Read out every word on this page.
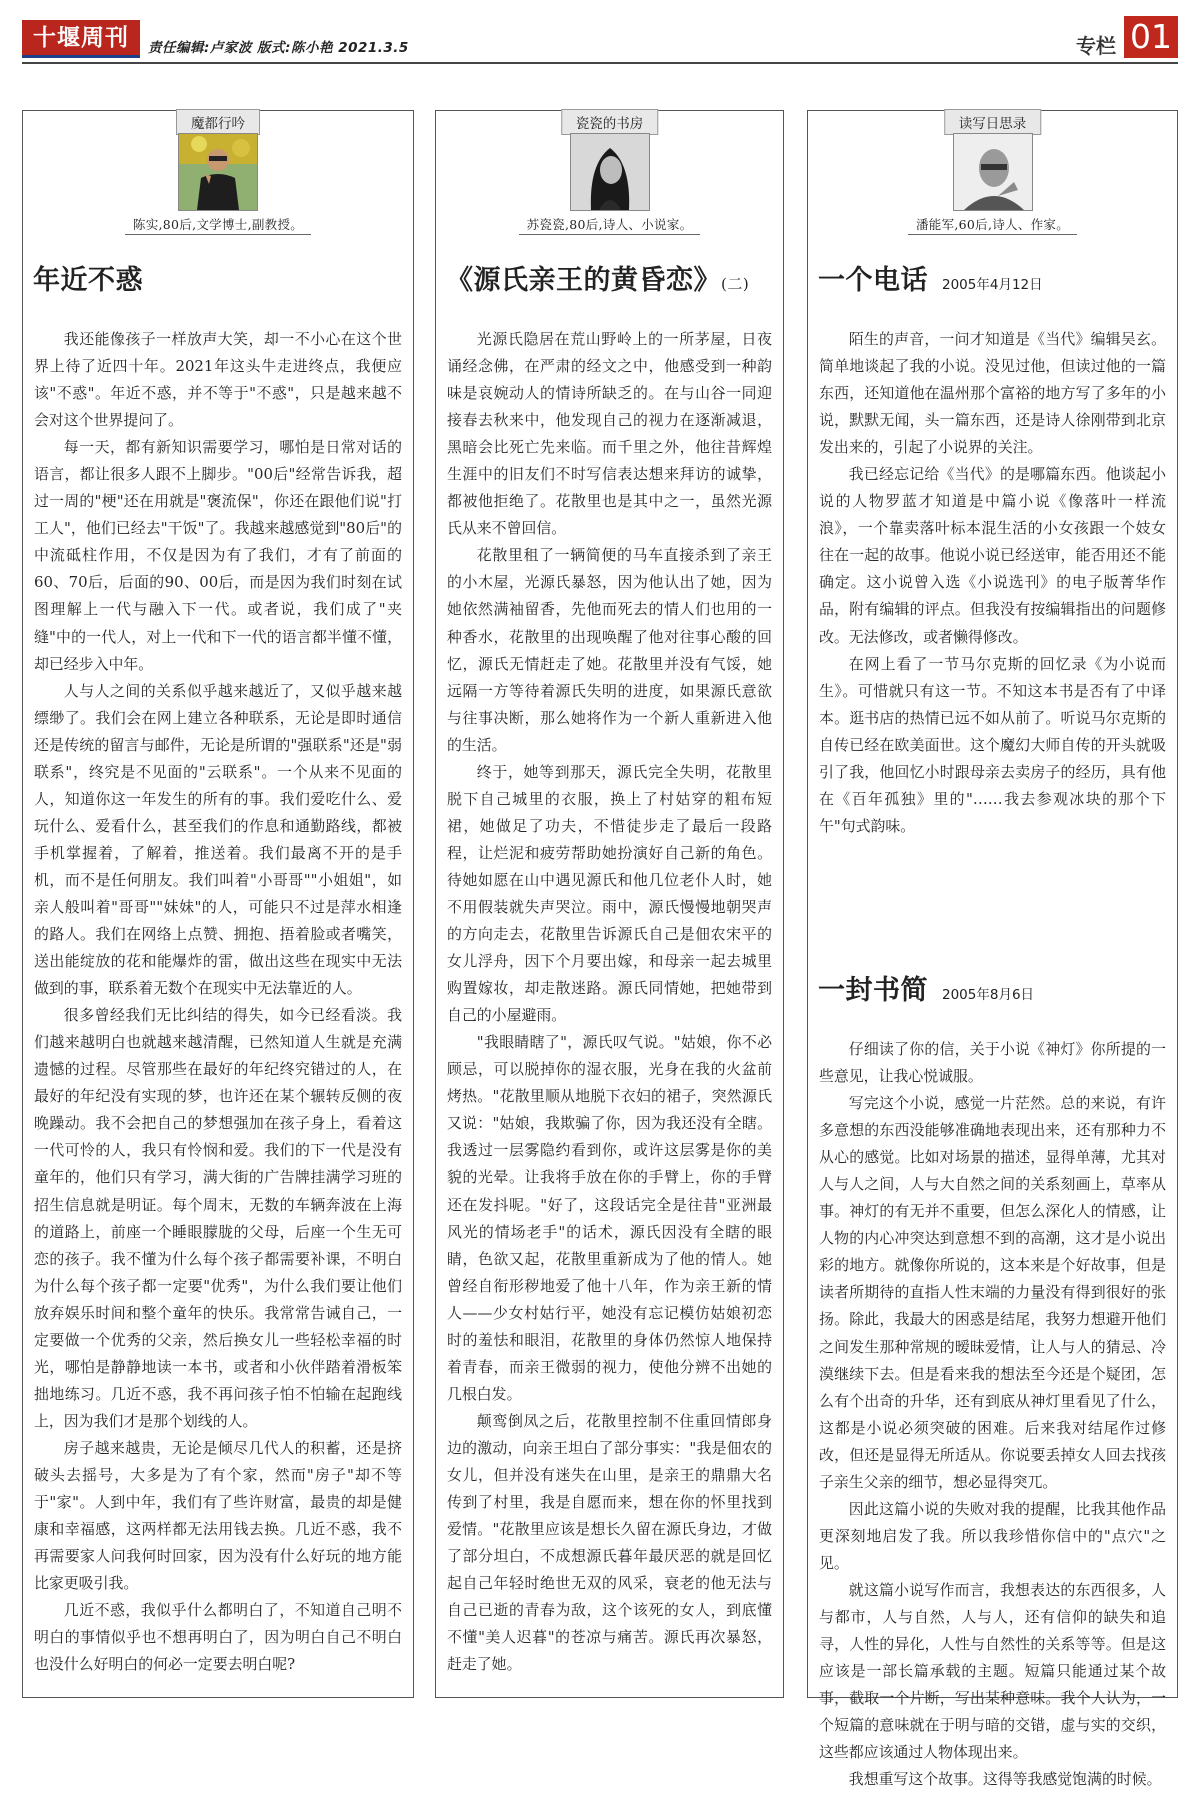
十堰周刊	责任编辑:卢家波 版式:陈小艳 2021.3.5	专栏 01
魔都行吟
陈实,80后,文学博士,副教授。
年近不惑

我还能像孩子一样放声大笑，却一不小心在这个世界上待了近四十年。2021年这头牛走进终点，我便应该"不惑"。年近不惑，并不等于"不惑"，只是越来越不会对这个世界提问了。

每一天，都有新知识需要学习，哪怕是日常对话的语言，都让很多人跟不上脚步。"00后"经常告诉我，超过一周的"梗"还在用就是"褒流保"，你还在跟他们说"打工人"，他们已经去"干饭"了。我越来越感觉到"80后"的中流砥柱作用，不仅是因为有了我们，才有了前面的60、70后，后面的90、00后，而是因为我们时刻在试图理解上一代与融入下一代。或者说，我们成了"夹缝"中的一代人，对上一代和下一代的语言都半懂不懂，却已经步入中年。

人与人之间的关系似乎越来越近了，又似乎越来越缥缈了。我们会在网上建立各种联系，无论是即时通信还是传统的留言与邮件，无论是所谓的"强联系"还是"弱联系"，终究是不见面的"云联系"。一个从来不见面的人，知道你这一年发生的所有的事。我们爱吃什么、爱玩什么、爱看什么，甚至我们的作息和通勤路线，都被手机掌握着，了解着，推送着。我们最离不开的是手机，而不是任何朋友。我们叫着"小哥哥""小姐姐"，如亲人般叫着"哥哥""妹妹"的人，可能只不过是萍水相逢的路人。我们在网络上点赞、拥抱、捂着脸或者嘴笑，送出能绽放的花和能爆炸的雷，做出这些在现实中无法做到的事，联系着无数个在现实中无法靠近的人。

很多曾经我们无比纠结的得失，如今已经看淡。我们越来越明白也就越来越清醒，已然知道人生就是充满遗憾的过程。尽管那些在最好的年纪终究错过的人，在最好的年纪没有实现的梦，也许还在某个辗转反侧的夜晚躁动。我不会把自己的梦想强加在孩子身上，看着这一代可怜的人，我只有怜悯和爱。我们的下一代是没有童年的，他们只有学习，满大街的广告牌挂满学习班的招生信息就是明证。每个周末，无数的车辆奔波在上海的道路上，前座一个睡眼朦胧的父母，后座一个生无可恋的孩子。我不懂为什么每个孩子都需要补课，不明白为什么每个孩子都一定要"优秀"，为什么我们要让他们放弃娱乐时间和整个童年的快乐。我常常告诫自己，一定要做一个优秀的父亲，然后换女儿一些轻松幸福的时光，哪怕是静静地读一本书，或者和小伙伴踏着滑板笨拙地练习。几近不惑，我不再问孩子怕不怕输在起跑线上，因为我们才是那个划线的人。

房子越来越贵，无论是倾尽几代人的积蓄，还是挤破头去摇号，大多是为了有个家，然而"房子"却不等于"家"。人到中年，我们有了些许财富，最贵的却是健康和幸福感，这两样都无法用钱去换。几近不惑，我不再需要家人问我何时回家，因为没有什么好玩的地方能比家更吸引我。

几近不惑，我似乎什么都明白了，不知道自己明不明白的事情似乎也不想再明白了，因为明白自己不明白也没什么好明白的何必一定要去明白呢?

瓷瓷的书房
苏瓷瓷,80后,诗人、小说家。
《源氏亲王的黄昏恋》(二)

光源氏隐居在荒山野岭上的一所茅屋，日夜诵经念佛，在严肃的经文之中，他感受到一种韵味是哀婉动人的情诗所缺乏的。在与山谷一同迎接春去秋来中，他发现自己的视力在逐渐减退，黑暗会比死亡先来临。而千里之外，他往昔辉煌生涯中的旧友们不时写信表达想来拜访的诚挚，都被他拒绝了。花散里也是其中之一，虽然光源氏从来不曾回信。

花散里租了一辆简便的马车直接杀到了亲王的小木屋，光源氏暴怒，因为他认出了她，因为她依然满袖留香，先他而死去的情人们也用的一种香水，花散里的出现唤醒了他对往事心酸的回忆，源氏无情赶走了她。花散里并没有气馁，她远隔一方等待着源氏失明的进度，如果源氏意欲与往事决断，那么她将作为一个新人重新进入他的生活。

终于，她等到那天，源氏完全失明，花散里脱下自己城里的衣服，换上了村姑穿的粗布短裙，她做足了功夫，不惜徒步走了最后一段路程，让烂泥和疲劳帮助她扮演好自己新的角色。待她如愿在山中遇见源氏和他几位老仆人时，她不用假装就失声哭泣。雨中，源氏慢慢地朝哭声的方向走去，花散里告诉源氏自己是佃农宋平的女儿浮舟，因下个月要出嫁，和母亲一起去城里购置嫁妆，却走散迷路。源氏同情她，把她带到自己的小屋避雨。

"我眼睛瞎了"，源氏叹气说。"姑娘，你不必顾忌，可以脱掉你的湿衣服，光身在我的火盆前烤热。"花散里顺从地脱下衣妇的裙子，突然源氏又说："姑娘，我欺骗了你，因为我还没有全瞎。我透过一层雾隐约看到你，或许这层雾是你的美貌的光晕。让我将手放在你的手臂上，你的手臂还在发抖呢。"好了，这段话完全是往昔"亚洲最风光的情场老手"的话术，源氏因没有全瞎的眼睛，色欲又起，花散里重新成为了他的情人。她曾经自衔形秽地爱了他十八年，作为亲王新的情人——少女村姑行平，她没有忘记模仿姑娘初恋时的羞怯和眼泪，花散里的身体仍然惊人地保持着青春，而亲王微弱的视力，使他分辨不出她的几根白发。

颠鸾倒凤之后，花散里控制不住重回情郎身边的激动，向亲王坦白了部分事实："我是佃农的女儿，但并没有迷失在山里，是亲王的鼎鼎大名传到了村里，我是自愿而来，想在你的怀里找到爱情。"花散里应该是想长久留在源氏身边，才做了部分坦白，不成想源氏暮年最厌恶的就是回忆起自己年轻时绝世无双的风采，衰老的他无法与自己已逝的青春为敌，这个该死的女人，到底懂不懂"美人迟暮"的苍凉与痛苦。源氏再次暴怒，赶走了她。

读写日思录
潘能军,60后,诗人、作家。
一个电话 2005年4月12日

陌生的声音，一问才知道是《当代》编辑吴玄。简单地谈起了我的小说。没见过他，但读过他的一篇东西，还知道他在温州那个富裕的地方写了多年的小说，默默无闻，头一篇东西，还是诗人徐刚带到北京发出来的，引起了小说界的关注。

我已经忘记给《当代》的是哪篇东西。他谈起小说的人物罗蓝才知道是中篇小说《像落叶一样流浪》，一个靠卖落叶标本混生活的小女孩跟一个妓女往在一起的故事。他说小说已经送审，能否用还不能确定。这小说曾入选《小说选刊》的电子版菁华作品，附有编辑的评点。但我没有按编辑指出的问题修改。无法修改，或者懒得修改。

在网上看了一节马尔克斯的回忆录《为小说而生》。可惜就只有这一节。不知这本书是否有了中译本。逛书店的热情已远不如从前了。听说马尔克斯的自传已经在欧美面世。这个魔幻大师自传的开头就吸引了我，他回忆小时跟母亲去卖房子的经历，具有他在《百年孤独》里的"……我去参观冰块的那个下午"句式韵味。

一封书简 2005年8月6日

仔细读了你的信，关于小说《神灯》你所提的一些意见，让我心悦诚服。

写完这个小说，感觉一片茫然。总的来说，有许多意想的东西没能够准确地表现出来，还有那种力不从心的感觉。比如对场景的描述，显得单薄，尤其对人与人之间，人与大自然之间的关系刻画上，草率从事。神灯的有无并不重要，但怎么深化人的情感，让人物的内心冲突达到意想不到的高潮，这才是小说出彩的地方。就像你所说的，这本来是个好故事，但是读者所期待的直指人性末端的力量没有得到很好的张扬。除此，我最大的困惑是结尾，我努力想避开他们之间发生那种常规的暧昧爱情，让人与人的猜忌、冷漠继续下去。但是看来我的想法至今还是个疑团，怎么有个出奇的升华，还有到底从神灯里看见了什么，这都是小说必须突破的困难。后来我对结尾作过修改，但还是显得无所适从。你说要丢掉女人回去找孩子亲生父亲的细节，想必显得突兀。

因此这篇小说的失败对我的提醒，比我其他作品更深刻地启发了我。所以我珍惜你信中的"点穴"之见。

就这篇小说写作而言，我想表达的东西很多，人与都市，人与自然，人与人，还有信仰的缺失和追寻，人性的异化，人性与自然性的关系等等。但是这应该是一部长篇承载的主题。短篇只能通过某个故事，截取一个片断，写出某种意味。我个人认为，一个短篇的意味就在于明与暗的交错，虚与实的交织，这些都应该通过人物体现出来。

我想重写这个故事。这得等我感觉饱满的时候。
